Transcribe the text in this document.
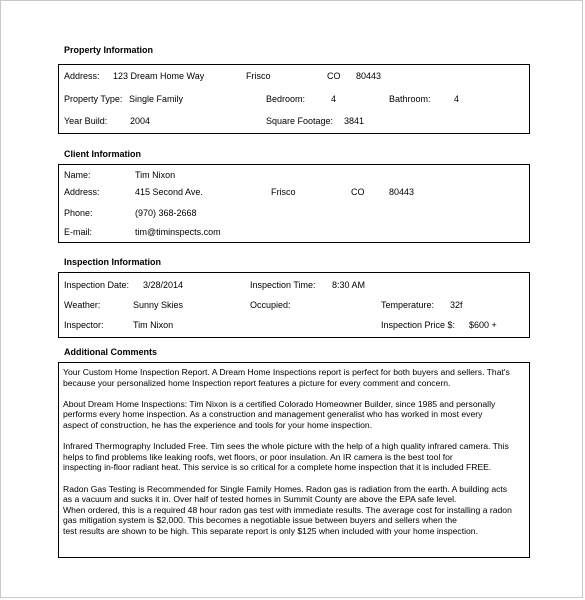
Property Information
Address: 123 Dream Home Way	Frisco	CO 80443
Property Type: Single Family	Bedroom:	4	Bathroom:	4
Year Build:	2004	Square Footage: 3841
Client Information
Name:	Tim Nixon
Address:	415 Second Ave.	Frisco	CO	80443
Phone:	(970) 368-2668
E-mail:	tim@timinspects.com
Inspection Information
Inspection Date: 3/28/2014	Inspection Time: 8:30 AM
Weather:	Sunny Skies	Occupied:	Temperature: 32f
Inspector:	Tim Nixon	Inspection Price $: $600 +
Additional Comments

Your Custom Home Inspection Report. A Dream Home Inspections report is perfect for both buyers and sellers. That's
because your personalized home Inspection report features a picture for every comment and concern.

About Dream Home Inspections: Tim Nixon is a certified Colorado Homeowner Builder, since 1985 and personally
performs every home inspection. As a construction and management generalist who has worked in most every
aspect of construction, he has the experience and tools for your home inspection.

Infrared Thermography Included Free. Tim sees the whole picture with the help of a high quality infrared camera. This
helps to find problems like leaking roofs, wet floors, or poor insulation. An IR camera is the best tool for
inspecting in-floor radiant heat. This service is so critical for a complete home inspection that it is included FREE.

Radon Gas Testing is Recommended for Single Family Homes. Radon gas is radiation from the earth. A building acts
as a vacuum and sucks it in. Over half of tested homes in Summit County are above the EPA safe level.
When ordered, this is a required 48 hour radon gas test with immediate results. The average cost for installing a radon
gas mitigation system is $2,000. This becomes a negotiable issue between buyers and sellers when the
test results are shown to be high. This separate report is only $125 when included with your home inspection.
